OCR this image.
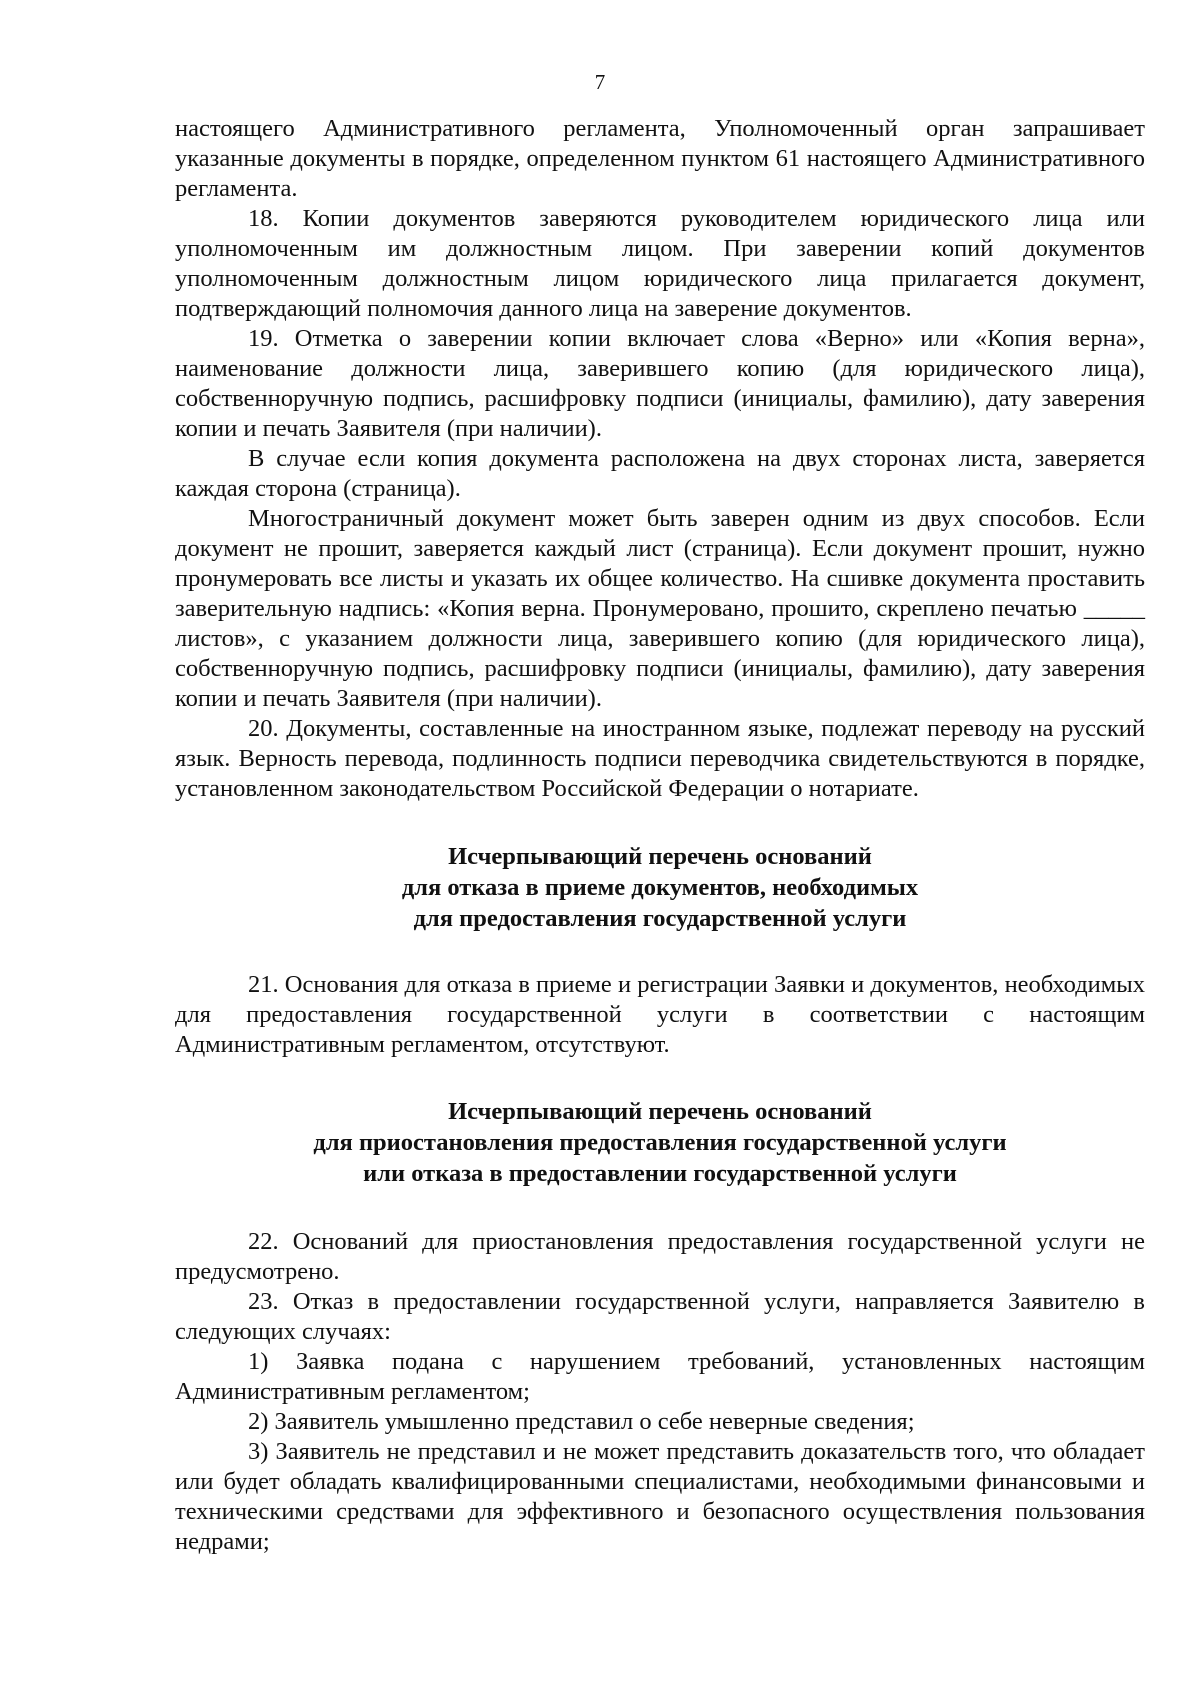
7

настоящего Административного регламента, Уполномоченный орган запрашивает указанные документы в порядке, определенном пунктом 61 настоящего Административного регламента.

18. Копии документов заверяются руководителем юридического лица или уполномоченным им должностным лицом. При заверении копий документов уполномоченным должностным лицом юридического лица прилагается документ, подтверждающий полномочия данного лица на заверение документов.

19. Отметка о заверении копии включает слова «Верно» или «Копия верна», наименование должности лица, заверившего копию (для юридического лица), собственноручную подпись, расшифровку подписи (инициалы, фамилию), дату заверения копии и печать Заявителя (при наличии).

В случае если копия документа расположена на двух сторонах листа, заверяется каждая сторона (страница).

Многостраничный документ может быть заверен одним из двух способов. Если документ не прошит, заверяется каждый лист (страница). Если документ прошит, нужно пронумеровать все листы и указать их общее количество. На сшивке документа проставить заверительную надпись: «Копия верна. Пронумеровано, прошито, скреплено печатью _____ листов», с указанием должности лица, заверившего копию (для юридического лица), собственноручную подпись, расшифровку подписи (инициалы, фамилию), дату заверения копии и печать Заявителя (при наличии).

20. Документы, составленные на иностранном языке, подлежат переводу на русский язык. Верность перевода, подлинность подписи переводчика свидетельствуются в порядке, установленном законодательством Российской Федерации о нотариате.

Исчерпывающий перечень оснований
для отказа в приеме документов, необходимых
для предоставления государственной услуги

21. Основания для отказа в приеме и регистрации Заявки и документов, необходимых для предоставления государственной услуги в соответствии с настоящим Административным регламентом, отсутствуют.

Исчерпывающий перечень оснований
для приостановления предоставления государственной услуги
или отказа в предоставлении государственной услуги

22. Оснований для приостановления предоставления государственной услуги не предусмотрено.

23. Отказ в предоставлении государственной услуги, направляется Заявителю в следующих случаях:

1) Заявка подана с нарушением требований, установленных настоящим Административным регламентом;

2) Заявитель умышленно представил о себе неверные сведения;

3) Заявитель не представил и не может представить доказательств того, что обладает или будет обладать квалифицированными специалистами, необходимыми финансовыми и техническими средствами для эффективного и безопасного осуществления пользования недрами;
